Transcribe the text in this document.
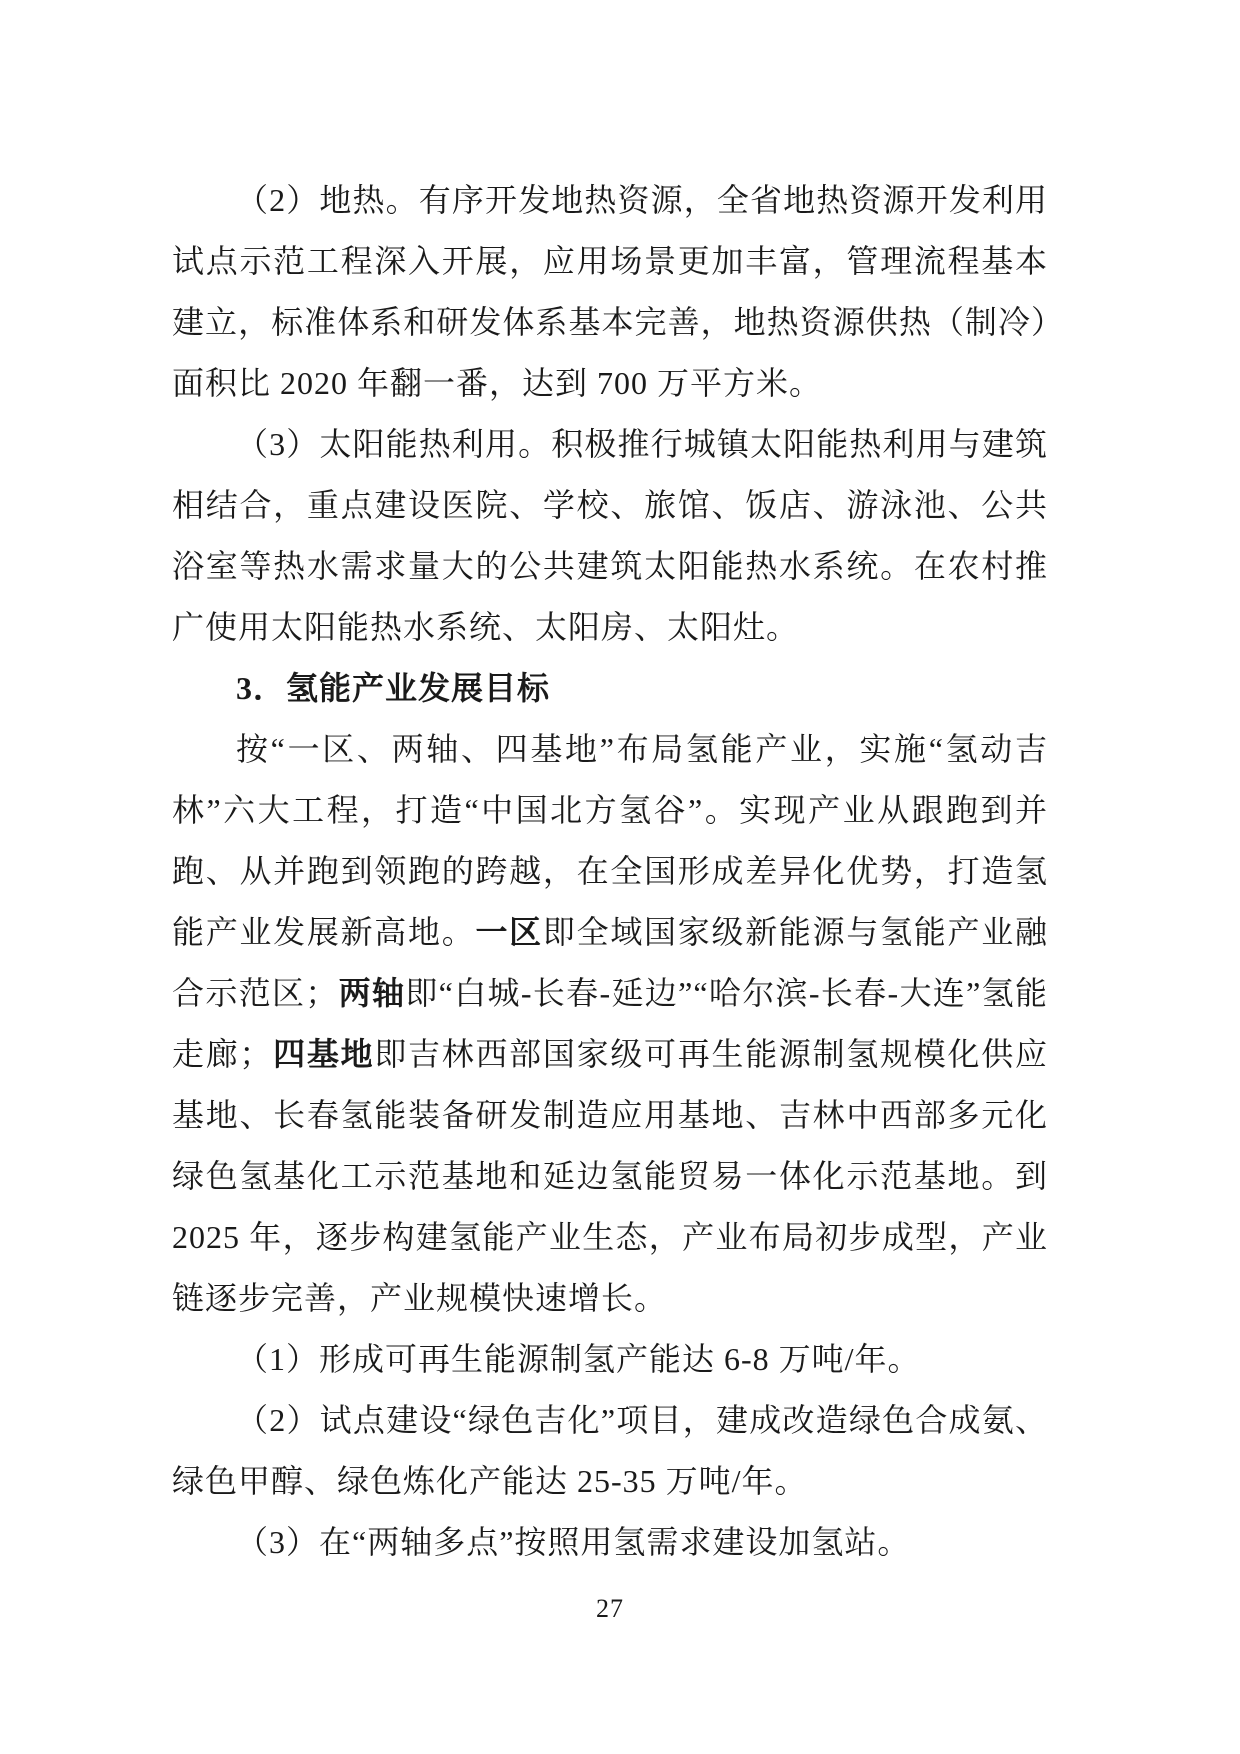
（2）地热。有序开发地热资源，全省地热资源开发利用试点示范工程深入开展，应用场景更加丰富，管理流程基本建立，标准体系和研发体系基本完善，地热资源供热（制冷）面积比 2020 年翻一番，达到 700 万平方米。

（3）太阳能热利用。积极推行城镇太阳能热利用与建筑相结合，重点建设医院、学校、旅馆、饭店、游泳池、公共浴室等热水需求量大的公共建筑太阳能热水系统。在农村推广使用太阳能热水系统、太阳房、太阳灶。

3．氢能产业发展目标

按“一区、两轴、四基地”布局氢能产业，实施“氢动吉林”六大工程，打造“中国北方氢谷”。实现产业从跟跑到并跑、从并跑到领跑的跨越，在全国形成差异化优势，打造氢能产业发展新高地。一区即全域国家级新能源与氢能产业融合示范区；两轴即“白城-长春-延边”“哈尔滨-长春-大连”氢能走廊；四基地即吉林西部国家级可再生能源制氢规模化供应基地、长春氢能装备研发制造应用基地、吉林中西部多元化绿色氢基化工示范基地和延边氢能贸易一体化示范基地。到 2025 年，逐步构建氢能产业生态，产业布局初步成型，产业链逐步完善，产业规模快速增长。

（1）形成可再生能源制氢产能达 6-8 万吨/年。

（2）试点建设“绿色吉化”项目，建成改造绿色合成氨、绿色甲醇、绿色炼化产能达 25-35 万吨/年。

（3）在“两轴多点”按照用氢需求建设加氢站。

27
